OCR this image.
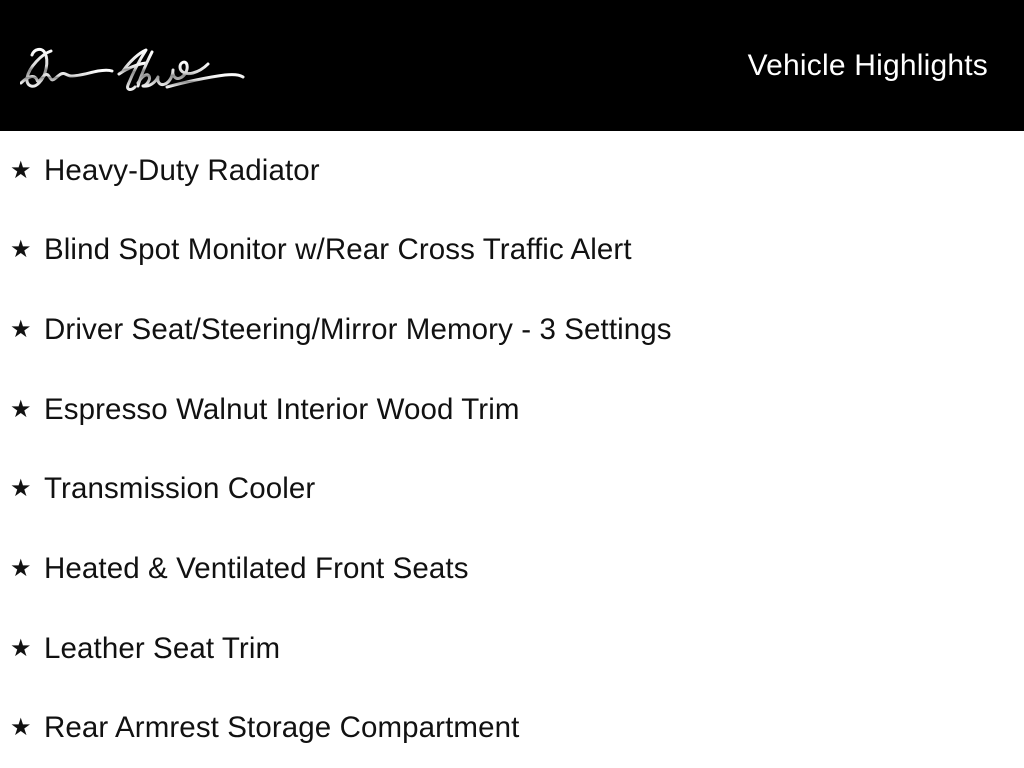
Vehicle Highlights
★ Heavy-Duty Radiator
★ Blind Spot Monitor w/Rear Cross Traffic Alert
★ Driver Seat/Steering/Mirror Memory - 3 Settings
★ Espresso Walnut Interior Wood Trim
★ Transmission Cooler
★ Heated & Ventilated Front Seats
★ Leather Seat Trim
★ Rear Armrest Storage Compartment
